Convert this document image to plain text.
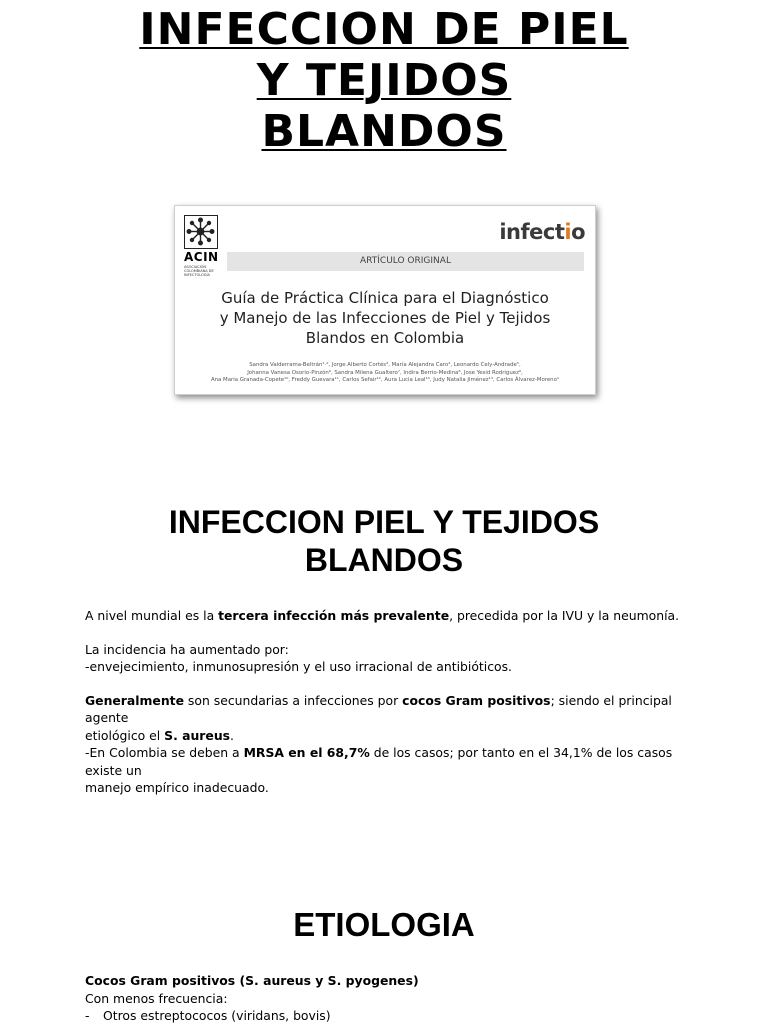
INFECCION DE PIEL
Y TEJIDOS
BLANDOS
ACIN
ASOCIACIÓN COLOMBIANA DE INFECTOLOGÍA
infectio
ARTÍCULO ORIGINAL
Guía de Práctica Clínica para el Diagnóstico
y Manejo de las Infecciones de Piel y Tejidos
Blandos en Colombia
Sandra Valderrama-Beltrán¹·², Jorge Alberto Cortés³, María Alejandra Caro⁴, Leonardo Cely-Andrade⁵,
Johanna Vanesa Osorio-Pinzón⁶, Sandra Milena Gualtero⁷, Indira Berrio-Medina⁸, Jose Yesid Rodriguez⁹,
Ana Maria Granada-Copete¹⁰, Freddy Guevara¹¹, Carlos Sefair¹², Aura Lucia Leal¹³, Judy Natalia Jiménez¹⁴, Carlos Álvarez-Moreno¹
INFECCION PIEL Y TEJIDOS
BLANDOS

A nivel mundial es la tercera infección más prevalente, precedida por la IVU y la neumonía.

La incidencia ha aumentado por:
-envejecimiento, inmunosupresión y el uso irracional de antibióticos.

Generalmente son secundarias a infecciones por cocos Gram positivos; siendo el principal agente
etiológico el S. aureus.
-En Colombia se deben a MRSA en el 68,7% de los casos; por tanto en el 34,1% de los casos existe un
manejo empírico inadecuado.

ETIOLOGIA

Cocos Gram positivos (S. aureus y S. pyogenes)

Con menos frecuencia:

-	Otros estreptococos (viridans, bovis)
